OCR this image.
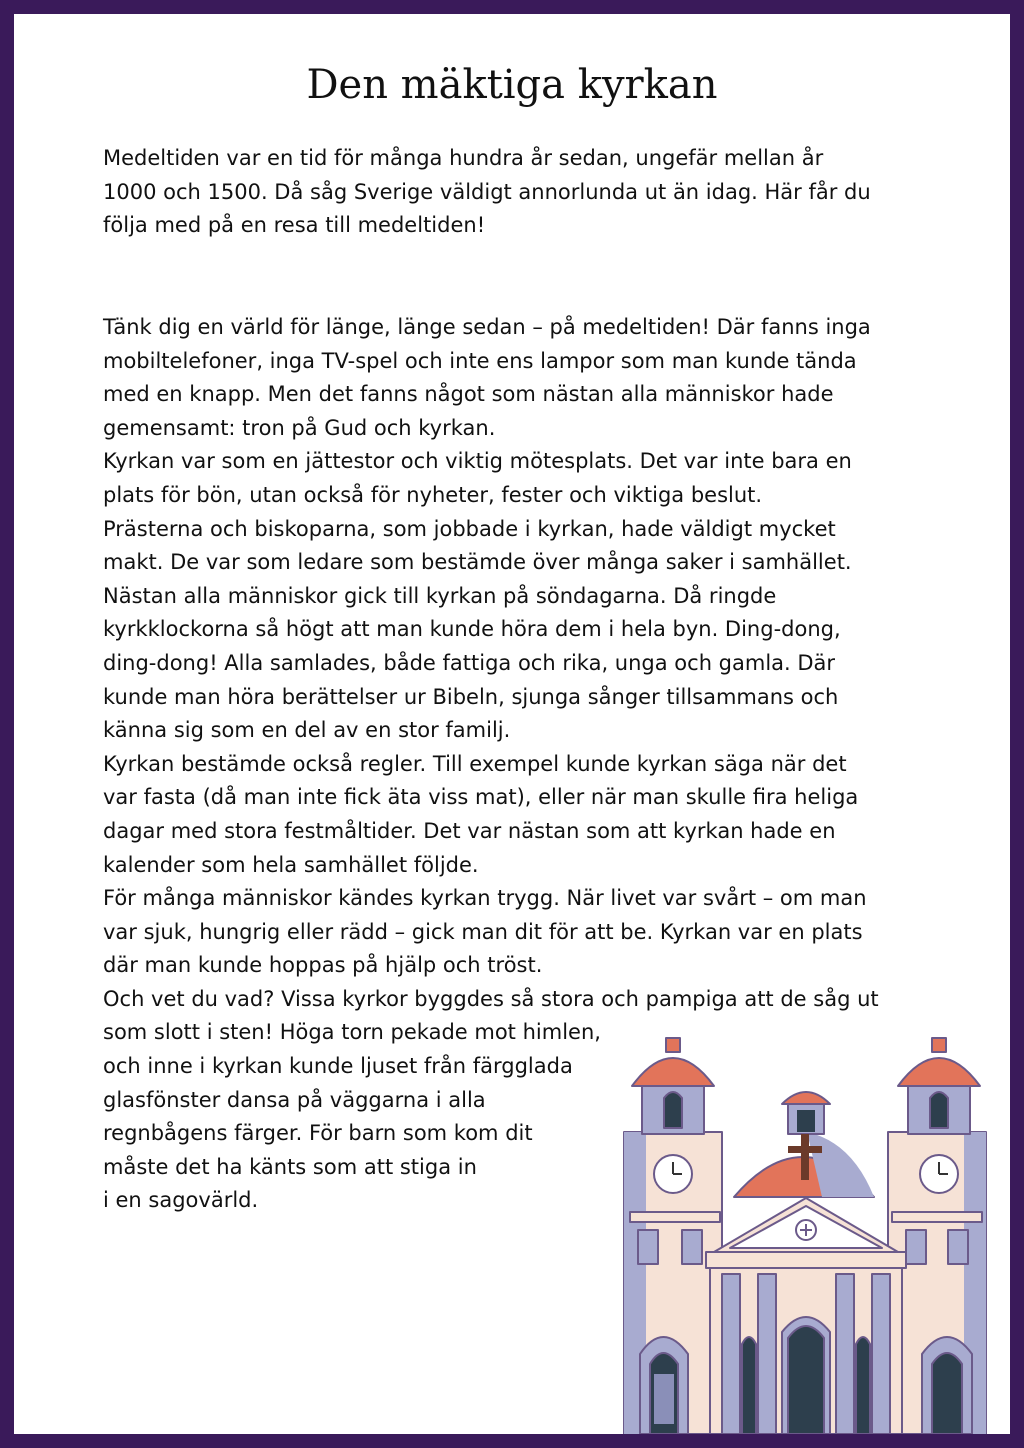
Den mäktiga kyrkan
Medeltiden var en tid för många hundra år sedan, ungefär mellan år
1000 och 1500. Då såg Sverige väldigt annorlunda ut än idag. Här får du
följa med på en resa till medeltiden!
Tänk dig en värld för länge, länge sedan – på medeltiden! Där fanns inga
mobiltelefoner, inga TV-spel och inte ens lampor som man kunde tända
med en knapp. Men det fanns något som nästan alla människor hade
gemensamt: tron på Gud och kyrkan.
Kyrkan var som en jättestor och viktig mötesplats. Det var inte bara en
plats för bön, utan också för nyheter, fester och viktiga beslut.
Prästerna och biskoparna, som jobbade i kyrkan, hade väldigt mycket
makt. De var som ledare som bestämde över många saker i samhället.
Nästan alla människor gick till kyrkan på söndagarna. Då ringde
kyrkklockorna så högt att man kunde höra dem i hela byn. Ding-dong,
ding-dong! Alla samlades, både fattiga och rika, unga och gamla. Där
kunde man höra berättelser ur Bibeln, sjunga sånger tillsammans och
känna sig som en del av en stor familj.
Kyrkan bestämde också regler. Till exempel kunde kyrkan säga när det
var fasta (då man inte fick äta viss mat), eller när man skulle fira heliga
dagar med stora festmåltider. Det var nästan som att kyrkan hade en
kalender som hela samhället följde.
För många människor kändes kyrkan trygg. När livet var svårt – om man
var sjuk, hungrig eller rädd – gick man dit för att be. Kyrkan var en plats
där man kunde hoppas på hjälp och tröst.
Och vet du vad? Vissa kyrkor byggdes så stora och pampiga att de såg ut
som slott i sten! Höga torn pekade mot himlen,
och inne i kyrkan kunde ljuset från färgglada
glasfönster dansa på väggarna i alla
regnbågens färger. För barn som kom dit
måste det ha känts som att stiga in
i en sagovärld.
